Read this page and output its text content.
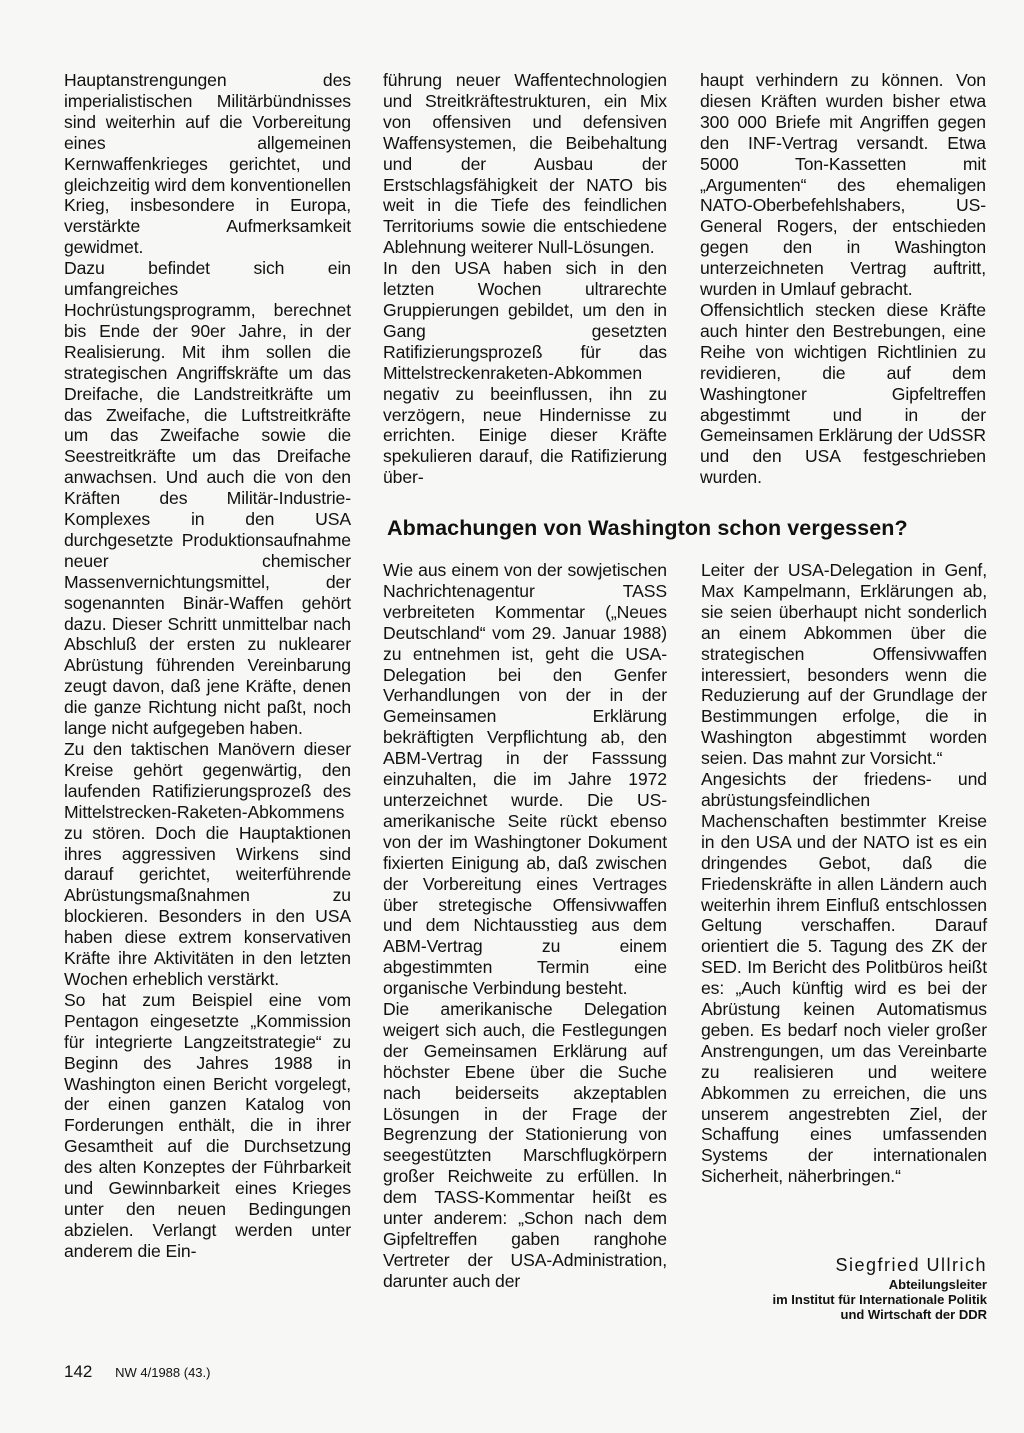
Hauptanstrengungen des imperialistischen Militärbündnisses sind weiterhin auf die Vorbereitung eines allgemeinen Kernwaffenkrieges gerichtet, und gleichzeitig wird dem konventionellen Krieg, insbesondere in Europa, verstärkte Aufmerksamkeit gewidmet.

Dazu befindet sich ein umfangreiches Hochrüstungsprogramm, berechnet bis Ende der 90er Jahre, in der Realisierung. Mit ihm sollen die strategischen Angriffskräfte um das Dreifache, die Landstreitkräfte um das Zweifache, die Luftstreitkräfte um das Zweifache sowie die Seestreitkräfte um das Dreifache anwachsen. Und auch die von den Kräften des Militär-Industrie-Komplexes in den USA durchgesetzte Produktionsaufnahme neuer chemischer Massenvernichtungsmittel, der sogenannten Binär-Waffen gehört dazu. Dieser Schritt unmittelbar nach Abschluß der ersten zu nuklearer Abrüstung führenden Vereinbarung zeugt davon, daß jene Kräfte, denen die ganze Richtung nicht paßt, noch lange nicht aufgegeben haben.

Zu den taktischen Manövern dieser Kreise gehört gegenwärtig, den laufenden Ratifizierungsprozeß des Mittelstrecken-Raketen-Abkommens zu stören. Doch die Hauptaktionen ihres aggressiven Wirkens sind darauf gerichtet, weiterführende Abrüstungsmaßnahmen zu blockieren. Besonders in den USA haben diese extrem konservativen Kräfte ihre Aktivitäten in den letzten Wochen erheblich verstärkt.

So hat zum Beispiel eine vom Pentagon eingesetzte „Kommission für integrierte Langzeitstrategie“ zu Beginn des Jahres 1988 in Washington einen Bericht vorgelegt, der einen ganzen Katalog von Forderungen enthält, die in ihrer Gesamtheit auf die Durchsetzung des alten Konzeptes der Führbarkeit und Gewinnbarkeit eines Krieges unter den neuen Bedingungen abzielen. Verlangt werden unter anderem die Ein-

führung neuer Waffentechnologien und Streitkräftestrukturen, ein Mix von offensiven und defensiven Waffensystemen, die Beibehaltung und der Ausbau der Erstschlagsfähigkeit der NATO bis weit in die Tiefe des feindlichen Territoriums sowie die entschiedene Ablehnung weiterer Null-Lösungen.

In den USA haben sich in den letzten Wochen ultrarechte Gruppierungen gebildet, um den in Gang gesetzten Ratifizierungsprozeß für das Mittelstreckenraketen-Abkommen negativ zu beeinflussen, ihn zu verzögern, neue Hindernisse zu errichten. Einige dieser Kräfte spekulieren darauf, die Ratifizierung über-

haupt verhindern zu können. Von diesen Kräften wurden bisher etwa 300 000 Briefe mit Angriffen gegen den INF-Vertrag versandt. Etwa 5000 Ton-Kassetten mit „Argumenten“ des ehemaligen NATO-Oberbefehlshabers, US-General Rogers, der entschieden gegen den in Washington unterzeichneten Vertrag auftritt, wurden in Umlauf gebracht.

Offensichtlich stecken diese Kräfte auch hinter den Bestrebungen, eine Reihe von wichtigen Richtlinien zu revidieren, die auf dem Washingtoner Gipfeltreffen abgestimmt und in der Gemeinsamen Erklärung der UdSSR und den USA festgeschrieben wurden.

Abmachungen von Washington schon vergessen?

Wie aus einem von der sowjetischen Nachrichtenagentur TASS verbreiteten Kommentar („Neues Deutschland“ vom 29. Januar 1988) zu entnehmen ist, geht die USA-Delegation bei den Genfer Verhandlungen von der in der Gemeinsamen Erklärung bekräftigten Verpflichtung ab, den ABM-Vertrag in der Fasssung einzuhalten, die im Jahre 1972 unterzeichnet wurde. Die US-amerikanische Seite rückt ebenso von der im Washingtoner Dokument fixierten Einigung ab, daß zwischen der Vorbereitung eines Vertrages über stretegische Offensivwaffen und dem Nichtausstieg aus dem ABM-Vertrag zu einem abgestimmten Termin eine organische Verbindung besteht.

Die amerikanische Delegation weigert sich auch, die Festlegungen der Gemeinsamen Erklärung auf höchster Ebene über die Suche nach beiderseits akzeptablen Lösungen in der Frage der Begrenzung der Stationierung von seegestützten Marschflugkörpern großer Reichweite zu erfüllen. In dem TASS-Kommentar heißt es unter anderem: „Schon nach dem Gipfeltreffen gaben ranghohe Vertreter der USA-Administration, darunter auch der

Leiter der USA-Delegation in Genf, Max Kampelmann, Erklärungen ab, sie seien überhaupt nicht sonderlich an einem Abkommen über die strategischen Offensivwaffen interessiert, besonders wenn die Reduzierung auf der Grundlage der Bestimmungen erfolge, die in Washington abgestimmt worden seien. Das mahnt zur Vorsicht.“

Angesichts der friedens- und abrüstungsfeindlichen Machenschaften bestimmter Kreise in den USA und der NATO ist es ein dringendes Gebot, daß die Friedenskräfte in allen Ländern auch weiterhin ihrem Einfluß entschlossen Geltung verschaffen. Darauf orientiert die 5. Tagung des ZK der SED. Im Bericht des Politbüros heißt es: „Auch künftig wird es bei der Abrüstung keinen Automatismus geben. Es bedarf noch vieler großer Anstrengungen, um das Vereinbarte zu realisieren und weitere Abkommen zu erreichen, die uns unserem angestrebten Ziel, der Schaffung eines umfassenden Systems der internationalen Sicherheit, näherbringen.“

Siegfried Ullrich
Abteilungsleiter
im Institut für Internationale Politik
und Wirtschaft der DDR
142 NW 4/1988 (43.)
